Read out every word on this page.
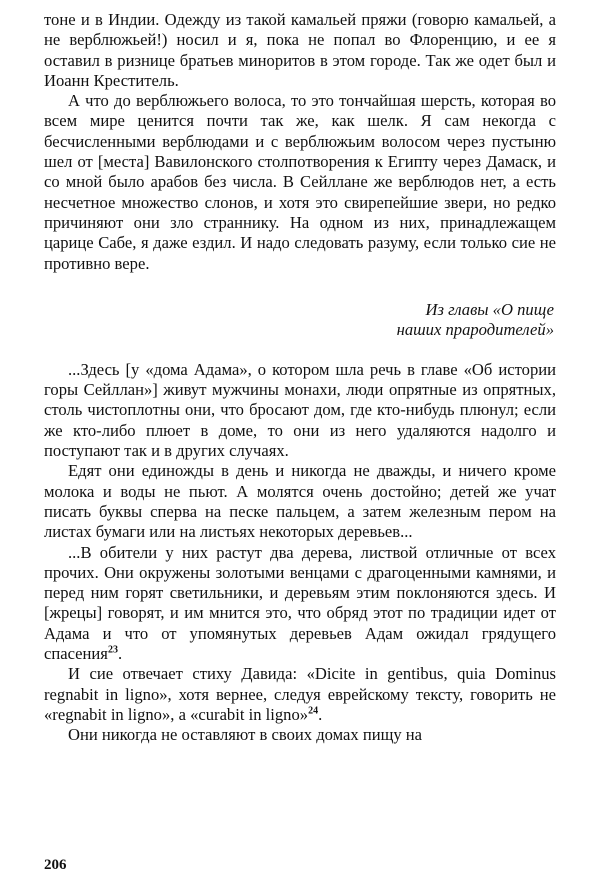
тоне и в Индии. Одежду из такой камальей пряжи (говорю камальей, а не верблюжьей!) носил и я, пока не попал во Флоренцию, и ее я оставил в ризнице братьев миноритов в этом городе. Так же одет был и Иоанн Креститель.

А что до верблюжьего волоса, то это тончайшая шерсть, которая во всем мире ценится почти так же, как шелк. Я сам некогда с бесчисленными верблюдами и с верблюжьим волосом через пустыню шел от [места] Вавилонского столпотворения к Египту через Дамаск, и со мной было арабов без числа. В Сейллане же верблюдов нет, а есть несчетное множество слонов, и хотя это свирепейшие звери, но редко причиняют они зло страннику. На одном из них, принадлежащем царице Сабе, я даже ездил. И надо следовать разуму, если только сие не противно вере.

Из главы «О пище
наших прародителей»

...Здесь [у «дома Адама», о котором шла речь в главе «Об истории горы Сейллан»] живут мужчины монахи, люди опрятные из опрятных, столь чистоплотны они, что бросают дом, где кто-нибудь плюнул; если же кто-либо плюет в доме, то они из него удаляются надолго и поступают так и в других случаях.

Едят они единожды в день и никогда не дважды, и ничего кроме молока и воды не пьют. А молятся очень достойно; детей же учат писать буквы сперва на песке пальцем, а затем железным пером на листах бумаги или на листьях некоторых деревьев...

...В обители у них растут два дерева, листвой отличные от всех прочих. Они окружены золотыми венцами с драгоценными камнями, и перед ним горят светильники, и деревьям этим поклоняются здесь. И [жрецы] говорят, и им мнится это, что обряд этот по традиции идет от Адама и что от упомянутых деревьев Адам ожидал грядущего спасения$^{23}$.

И сие отвечает стиху Давида: «Dicite in gentibus, quia Dominus regnabit in ligno», хотя вернее, следуя еврейскому тексту, говорить не «regnabit in ligno», а «curabit in ligno»$^{24}$.

Они никогда не оставляют в своих домах пищу на

206
